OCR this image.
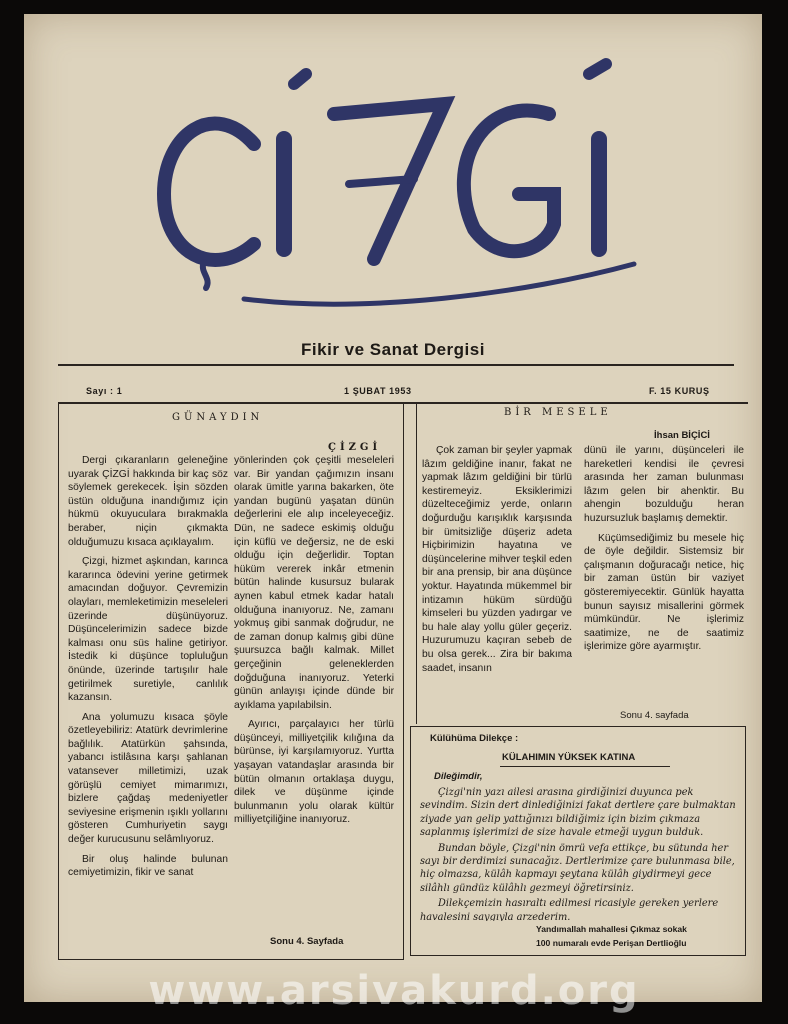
Fikir ve Sanat Dergisi
Sayı : 1	1 ŞUBAT 1953	F. 15 KURUŞ
GÜNAYDIN
ÇİZGİ

Dergi çıkaranların geleneğine uyarak ÇİZGİ hakkında bir kaç söz söylemek gerekecek. İşin sözden üstün olduğuna inandığımız için hükmü okuyuculara bırakmakla beraber, niçin çıkmakta olduğumuzu kısaca açıklayalım.

Çizgi, hizmet aşkından, karınca kararınca ödevini yerine getirmek amacından doğuyor. Çevremizin olayları, memleketimizin meseleleri üzerinde düşünüyoruz. Düşüncelerimizin sadece bizde kalması onu süs haline getiriyor. İstedik ki düşünce topluluğun önünde, üzerinde tartışılır hale getirilmek suretiyle, canlılık kazansın.

Ana yolumuzu kısaca şöyle özetleyebiliriz: Atatürk devrimlerine bağlılık. Atatürkün şahsında, yabancı istilâsına karşı şahlanan vatansever milletimizi, uzak görüşlü cemiyet mimarımızı, bizlere çağdaş medeniyetler seviyesine erişmenin ışıklı yollarını gösteren Cumhuriyetin saygı değer kurucusunu selâmlıyoruz.

Bir oluş halinde bulunan cemiyetimizin, fikir ve sanat

yönlerinden çok çeşitli meseleleri var. Bir yandan çağımızın insanı olarak ümitle yarına bakarken, öte yandan bugünü yaşatan dünün değerlerini ele alıp inceleyeceğiz. Dün, ne sadece eskimiş olduğu için küflü ve değersiz, ne de eski olduğu için değerlidir. Toptan hüküm vererek inkâr etmenin bütün halinde kusursuz bularak aynen kabul etmek kadar hatalı olduğuna inanıyoruz. Ne, zamanı yokmuş gibi sanmak doğrudur, ne de zaman donup kalmış gibi düne şuursuzca bağlı kalmak. Millet gerçeğinin geleneklerden doğduğuna inanıyoruz. Yeterki günün anlayışı içinde dünde bir ayıklama yapılabilsin.

Ayırıcı, parçalayıcı her türlü düşünceyi, milliyetçilik kılığına da bürünse, iyi karşılamıyoruz. Yurtta yaşayan vatandaşlar arasında bir bütün olmanın ortaklaşa duygu, dilek ve düşünme içinde bulunmanın yolu olarak kültür milliyetçiliğine inanıyoruz.

Sonu 4. Sayfada
BİR MESELE
İhsan BİÇİCİ

Çok zaman bir şeyler yapmak lâzım geldiğine inanır, fakat ne yapmak lâzım geldiğini bir türlü kestiremeyiz. Eksiklerimizi düzelteceğimiz yerde, onların doğurduğu karışıklık karşısında bir ümitsizliğe düşeriz adeta Hiçbirimizin hayatına ve düşüncelerine mihver teşkil eden bir ana prensip, bir ana düşünce yoktur. Hayatında mükemmel bir intizamın hüküm sürdüğü kimseleri bu yüzden yadırgar ve bu hale alay yollu güler geçeriz. Huzurumuzu kaçıran sebeb de bu olsa gerek... Zira bir bakıma saadet, insanın

dünü ile yarını, düşünceleri ile hareketleri kendisi ile çevresi arasında her zaman bulunması lâzım gelen bir ahenktir. Bu ahengin bozulduğu heran huzursuzluk başlamış demektir.

Küçümsediğimiz bu mesele hiç de öyle değildir. Sistemsiz bir çalışmanın doğuracağı netice, hiç bir zaman üstün bir vaziyet gösteremiyecektir. Günlük hayatta bunun sayısız misallerini görmek mümkündür. Ne işlerimiz saatimize, ne de saatimiz işlerimize göre ayarmıştır.

Sonu 4. sayfada
Külühüma Dilekçe :
KÜLAHIMIN YÜKSEK KATINA
Dileğimdir,

Çizgi'nin yazı ailesi arasına girdiğinizi duyunca pek sevindim. Sizin dert dinlediğinizi fakat dertlere çare bulmaktan ziyade yan gelip yattığınızı bildiğimiz için bizim çıkmaza saplanmış işlerimizi de size havale etmeği uygun bulduk.

Bundan böyle, Çizgi'nin ömrü vefa ettikçe, bu sütunda her sayı bir derdimizi sunacağız. Dertlerimize çare bulunmasa bile, hiç olmazsa, külâh kapmayı şeytana külâh giydirmeyi gece silâhlı gündüz külâhlı gezmeyi öğretirsiniz.

Dilekçemizin hasıraltı edilmesi ricasiyle gereken yerlere havalesini saygıyla arzederim.

Yandımallah mahallesi Çıkmaz sokak
100 numaralı evde Perişan Dertlioğlu
www.arsivakurd.org
